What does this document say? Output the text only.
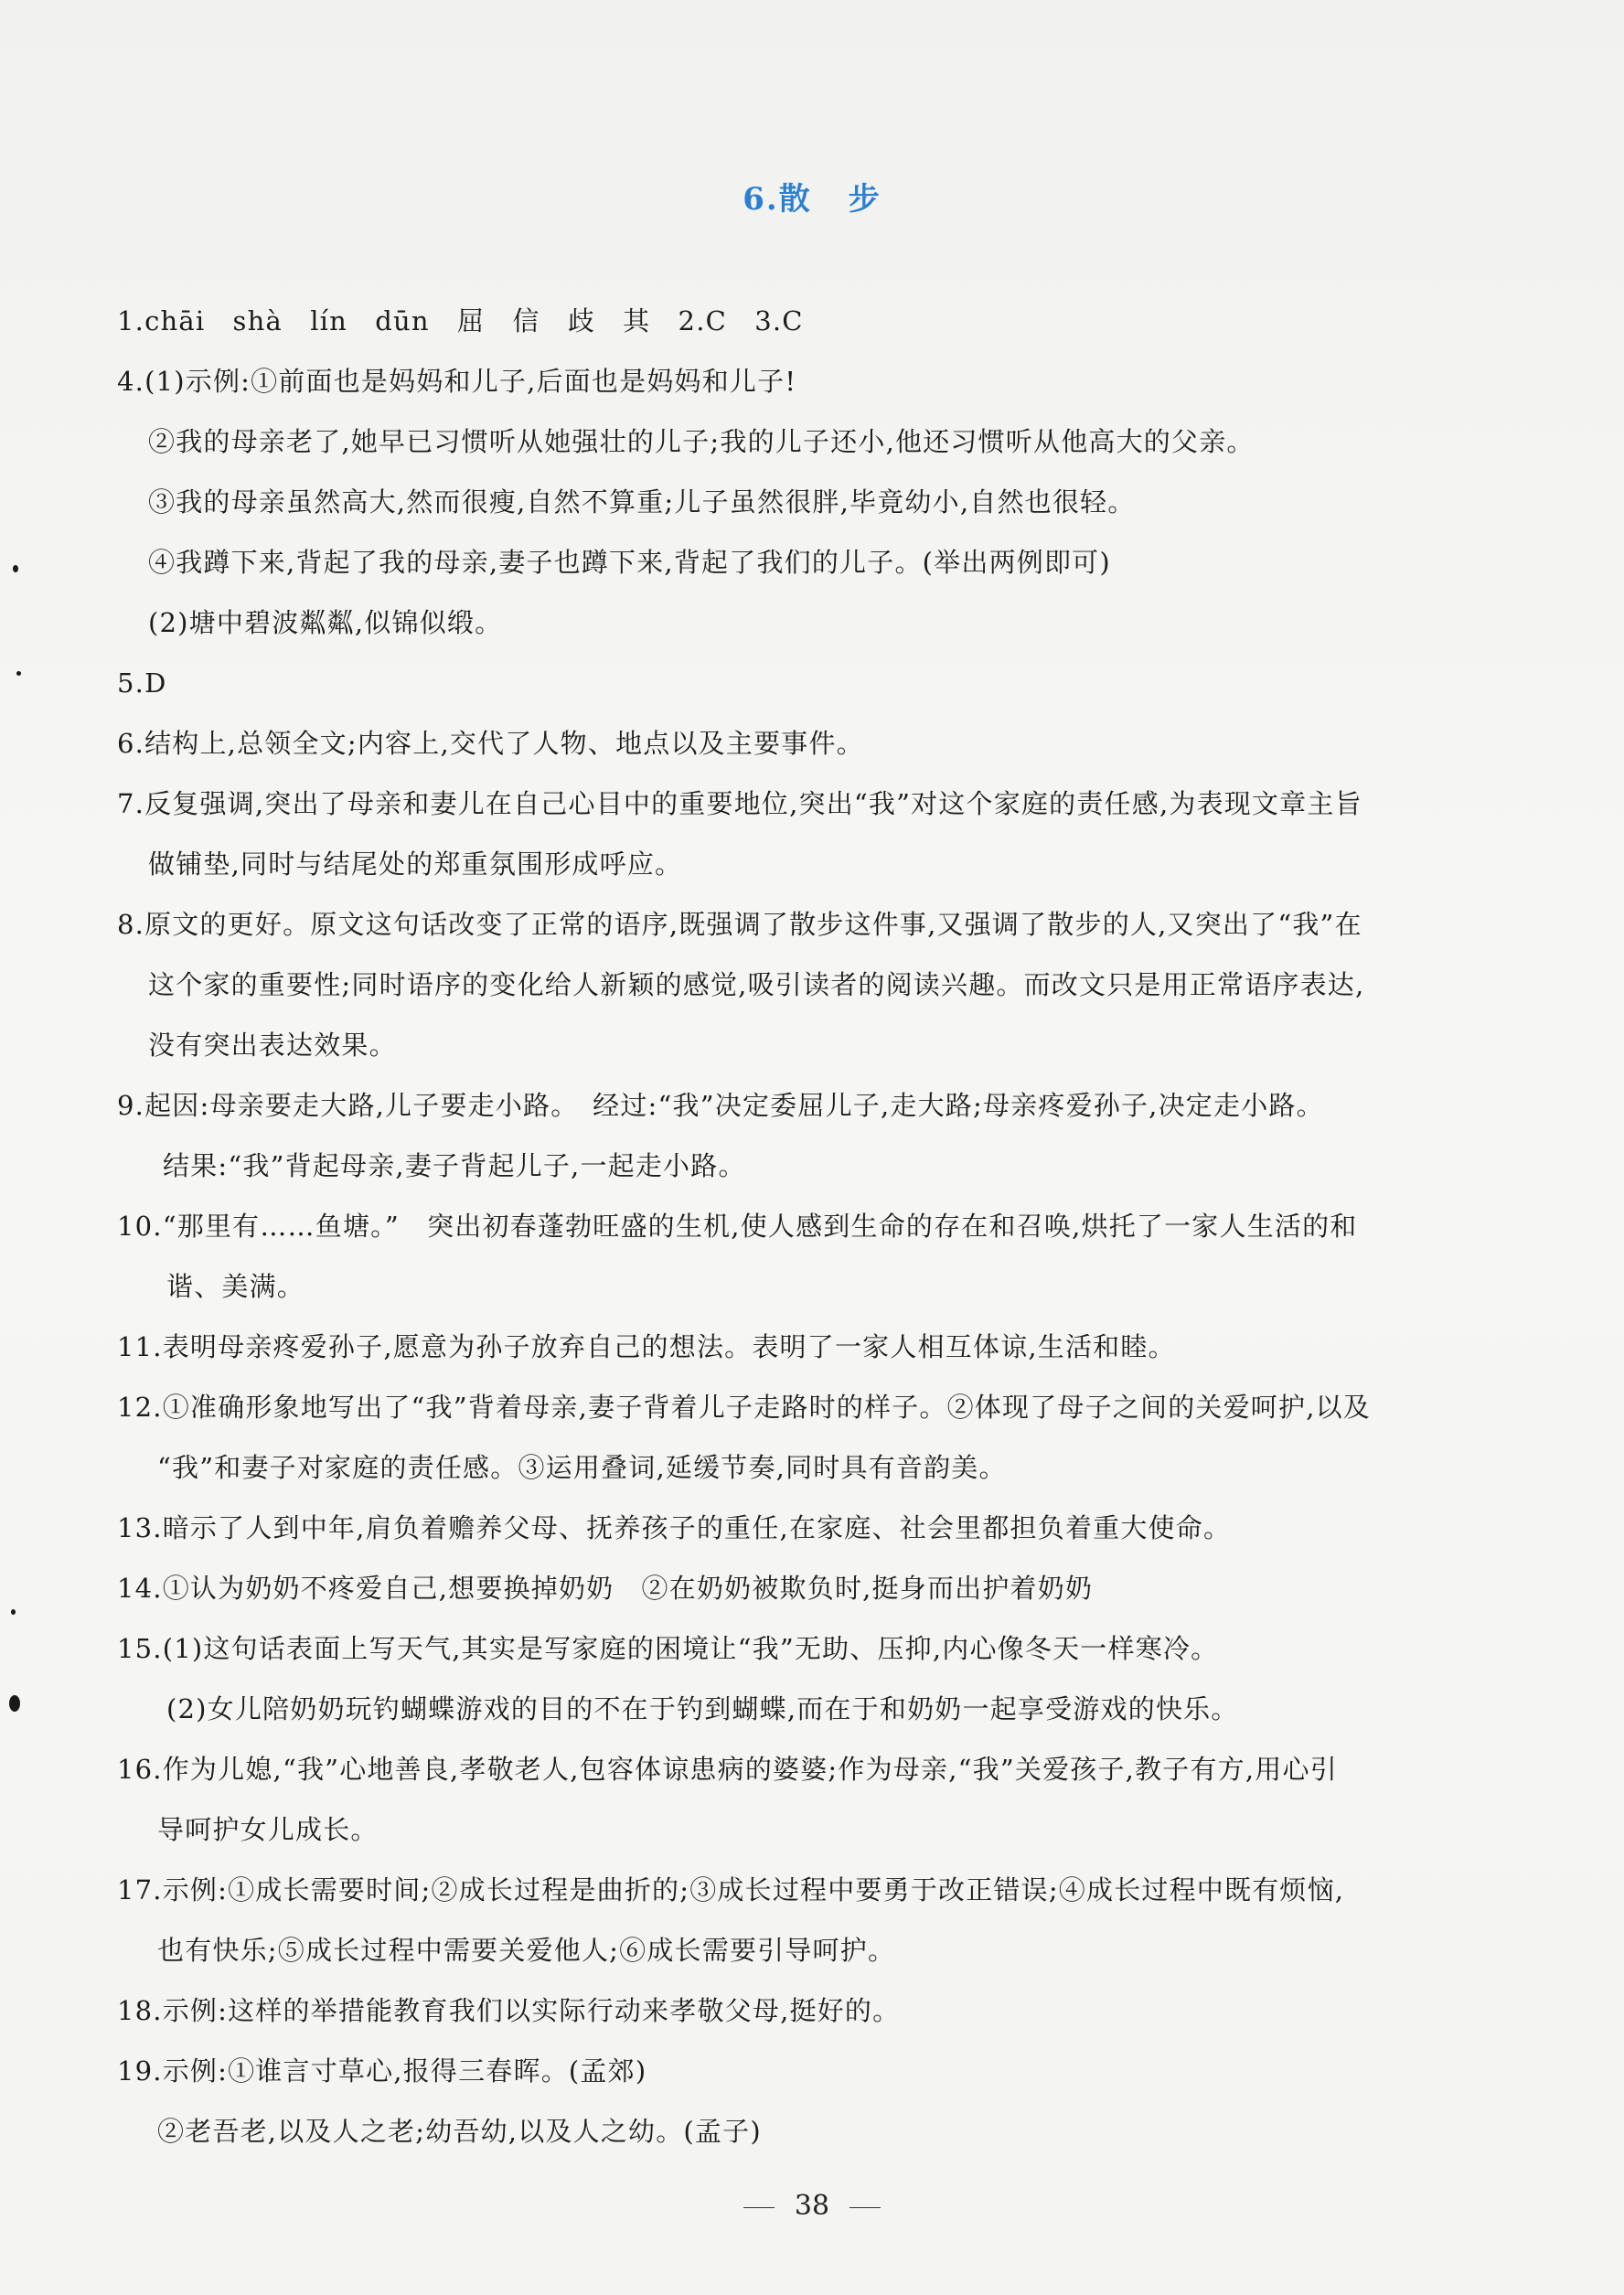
6.散 步
1.chāi　shà　lín　dūn　屈　信　歧　其　2.C　3.C
4.(1)示例:①前面也是妈妈和儿子,后面也是妈妈和儿子!
②我的母亲老了,她早已习惯听从她强壮的儿子;我的儿子还小,他还习惯听从他高大的父亲。
③我的母亲虽然高大,然而很瘦,自然不算重;儿子虽然很胖,毕竟幼小,自然也很轻。
④我蹲下来,背起了我的母亲,妻子也蹲下来,背起了我们的儿子。(举出两例即可)
(2)塘中碧波粼粼,似锦似缎。
5.D
6.结构上,总领全文;内容上,交代了人物、地点以及主要事件。
7.反复强调,突出了母亲和妻儿在自己心目中的重要地位,突出“我”对这个家庭的责任感,为表现文章主旨
做铺垫,同时与结尾处的郑重氛围形成呼应。
8.原文的更好。原文这句话改变了正常的语序,既强调了散步这件事,又强调了散步的人,又突出了“我”在
这个家的重要性;同时语序的变化给人新颖的感觉,吸引读者的阅读兴趣。而改文只是用正常语序表达,
没有突出表达效果。
9.起因:母亲要走大路,儿子要走小路。　经过:“我”决定委屈儿子,走大路;母亲疼爱孙子,决定走小路。
结果:“我”背起母亲,妻子背起儿子,一起走小路。
10.“那里有……鱼塘。”　突出初春蓬勃旺盛的生机,使人感到生命的存在和召唤,烘托了一家人生活的和
谐、美满。
11.表明母亲疼爱孙子,愿意为孙子放弃自己的想法。表明了一家人相互体谅,生活和睦。
12.①准确形象地写出了“我”背着母亲,妻子背着儿子走路时的样子。②体现了母子之间的关爱呵护,以及
“我”和妻子对家庭的责任感。③运用叠词,延缓节奏,同时具有音韵美。
13.暗示了人到中年,肩负着赡养父母、抚养孩子的重任,在家庭、社会里都担负着重大使命。
14.①认为奶奶不疼爱自己,想要换掉奶奶　②在奶奶被欺负时,挺身而出护着奶奶
15.(1)这句话表面上写天气,其实是写家庭的困境让“我”无助、压抑,内心像冬天一样寒冷。
(2)女儿陪奶奶玩钓蝴蝶游戏的目的不在于钓到蝴蝶,而在于和奶奶一起享受游戏的快乐。
16.作为儿媳,“我”心地善良,孝敬老人,包容体谅患病的婆婆;作为母亲,“我”关爱孩子,教子有方,用心引
导呵护女儿成长。
17.示例:①成长需要时间;②成长过程是曲折的;③成长过程中要勇于改正错误;④成长过程中既有烦恼,
也有快乐;⑤成长过程中需要关爱他人;⑥成长需要引导呵护。
18.示例:这样的举措能教育我们以实际行动来孝敬父母,挺好的。
19.示例:①谁言寸草心,报得三春晖。(孟郊)
②老吾老,以及人之老;幼吾幼,以及人之幼。(孟子)
38
